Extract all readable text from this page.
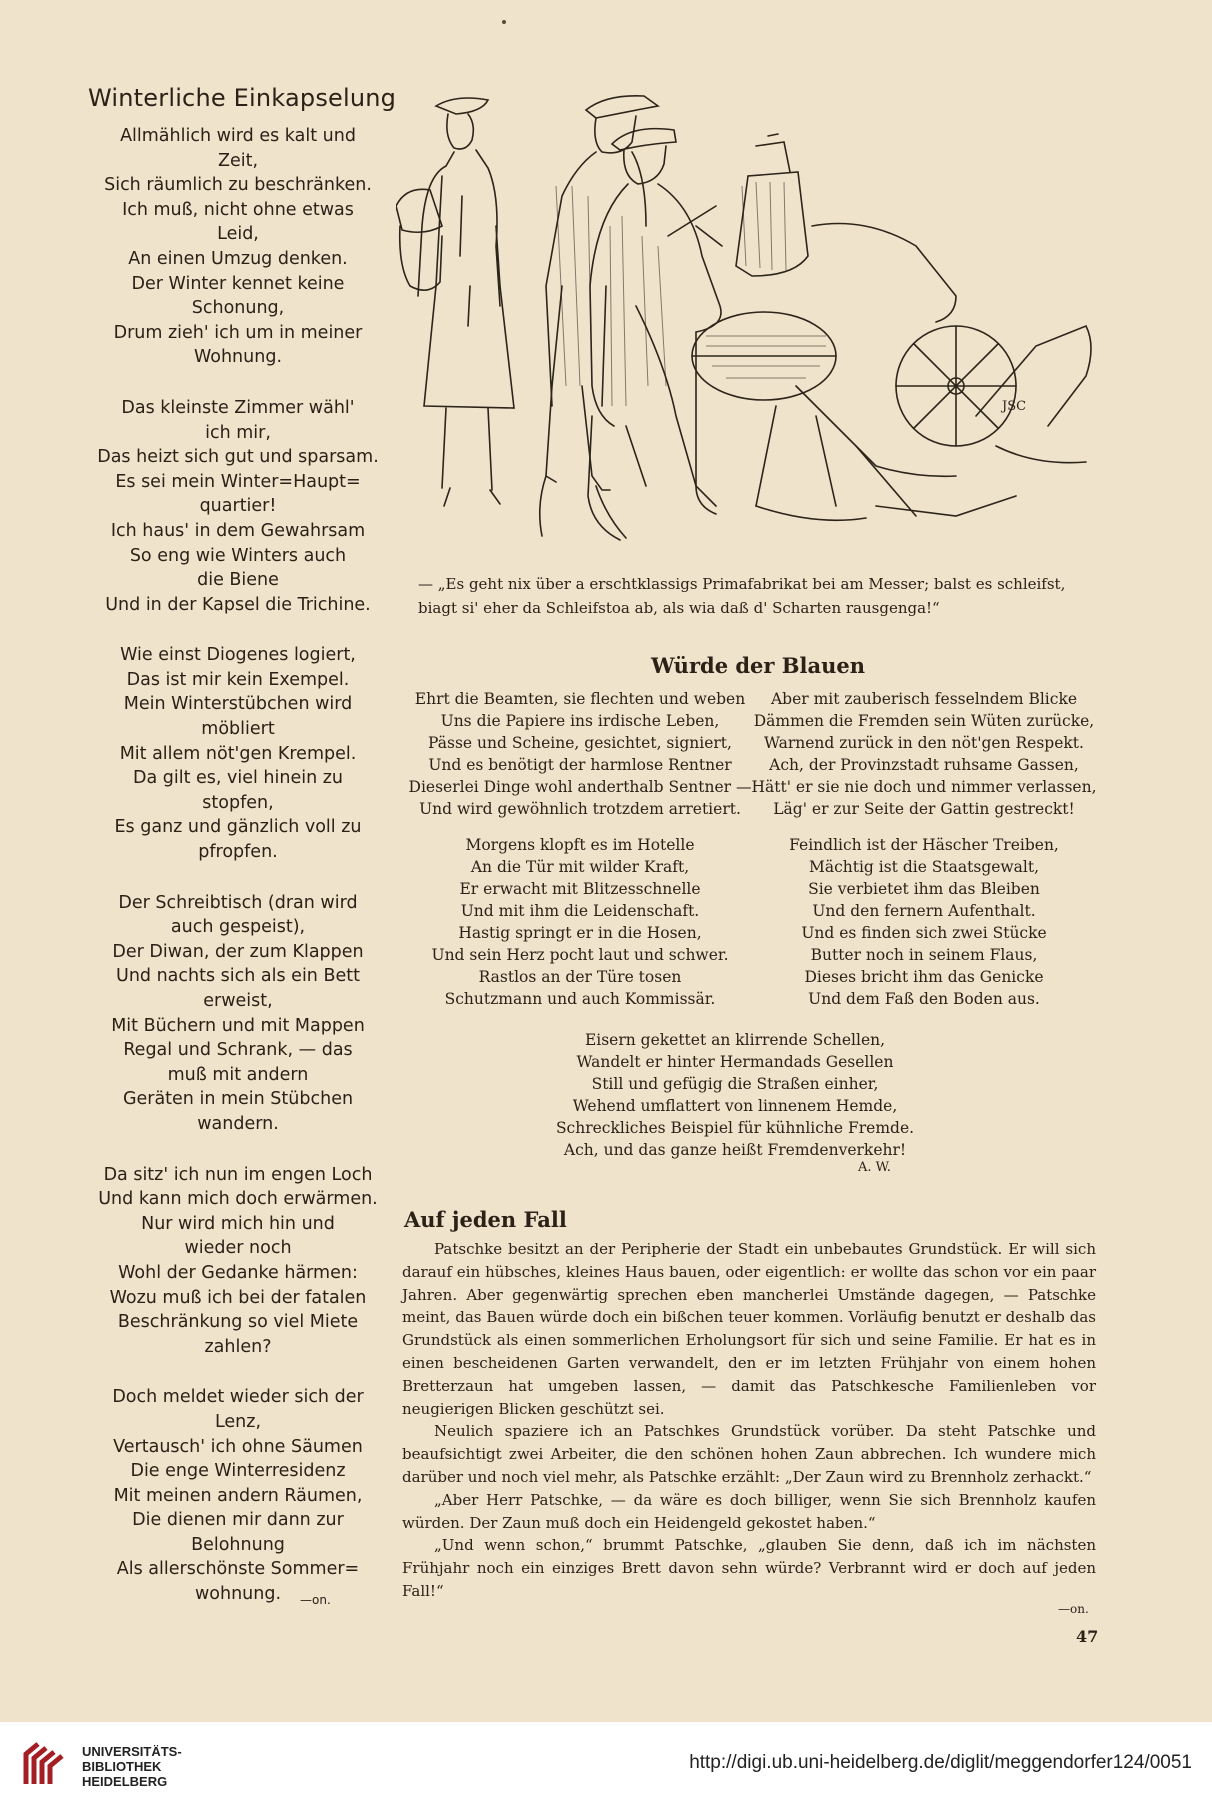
Winterliche Einkapselung
Allmählich wird es kalt und
Zeit,
Sich räumlich zu beschränken.
Ich muß, nicht ohne etwas
Leid,
An einen Umzug denken.
Der Winter kennet keine
Schonung,
Drum zieh' ich um in meiner
Wohnung.
Das kleinste Zimmer wähl'
ich mir,
Das heizt sich gut und sparsam.
Es sei mein Winter=Haupt=
quartier!
Ich haus' in dem Gewahrsam
So eng wie Winters auch
die Biene
Und in der Kapsel die Trichine.
Wie einst Diogenes logiert,
Das ist mir kein Exempel.
Mein Winterstübchen wird
möbliert
Mit allem nöt'gen Krempel.
Da gilt es, viel hinein zu
stopfen,
Es ganz und gänzlich voll zu
pfropfen.
Der Schreibtisch (dran wird
auch gespeist),
Der Diwan, der zum Klappen
Und nachts sich als ein Bett
erweist,
Mit Büchern und mit Mappen
Regal und Schrank, — das
muß mit andern
Geräten in mein Stübchen
wandern.
Da sitz' ich nun im engen Loch
Und kann mich doch erwärmen.
Nur wird mich hin und
wieder noch
Wohl der Gedanke härmen:
Wozu muß ich bei der fatalen
Beschränkung so viel Miete
zahlen?
Doch meldet wieder sich der
Lenz,
Vertausch' ich ohne Säumen
Die enge Winterresidenz
Mit meinen andern Räumen,
Die dienen mir dann zur
Belohnung
Als allerschönste Sommer=
wohnung.	—on.
JSC
— „Es geht nix über a erschtklassigs Primafabrikat bei am Messer; balst es schleifst, biagt si' eher da Schleifstoa ab, als wia daß d' Scharten rausgenga!“
Würde der Blauen
Ehrt die Beamten, sie flechten und weben
Uns die Papiere ins irdische Leben,
Pässe und Scheine, gesichtet, signiert,
Und es benötigt der harmlose Rentner
Dieserlei Dinge wohl anderthalb Sentner —
Und wird gewöhnlich trotzdem arretiert.
Aber mit zauberisch fesselndem Blicke
Dämmen die Fremden sein Wüten zurücke,
Warnend zurück in den nöt'gen Respekt.
Ach, der Provinzstadt ruhsame Gassen,
Hätt' er sie nie doch und nimmer verlassen,
Läg' er zur Seite der Gattin gestreckt!
Morgens klopft es im Hotelle
An die Tür mit wilder Kraft,
Er erwacht mit Blitzesschnelle
Und mit ihm die Leidenschaft.
Hastig springt er in die Hosen,
Und sein Herz pocht laut und schwer.
Rastlos an der Türe tosen
Schutzmann und auch Kommissär.
Feindlich ist der Häscher Treiben,
Mächtig ist die Staatsgewalt,
Sie verbietet ihm das Bleiben
Und den fernern Aufenthalt.
Und es finden sich zwei Stücke
Butter noch in seinem Flaus,
Dieses bricht ihm das Genicke
Und dem Faß den Boden aus.
Eisern gekettet an klirrende Schellen,
Wandelt er hinter Hermandads Gesellen
Still und gefügig die Straßen einher,
Wehend umflattert von linnenem Hemde,
Schreckliches Beispiel für kühnliche Fremde.
Ach, und das ganze heißt Fremdenverkehr!
A. W.
Auf jeden Fall

Patschke besitzt an der Peripherie der Stadt ein unbebautes Grundstück. Er will sich darauf ein hübsches, kleines Haus bauen, oder eigentlich: er wollte das schon vor ein paar Jahren. Aber gegenwärtig sprechen eben mancherlei Umstände dagegen, — Patschke meint, das Bauen würde doch ein bißchen teuer kommen. Vorläufig benutzt er deshalb das Grundstück als einen sommerlichen Erholungsort für sich und seine Familie. Er hat es in einen bescheidenen Garten verwandelt, den er im letzten Frühjahr von einem hohen Bretterzaun hat umgeben lassen, — damit das Patschkesche Familienleben vor neugierigen Blicken geschützt sei.

Neulich spaziere ich an Patschkes Grundstück vorüber. Da steht Patschke und beaufsichtigt zwei Arbeiter, die den schönen hohen Zaun abbrechen. Ich wundere mich darüber und noch viel mehr, als Patschke erzählt: „Der Zaun wird zu Brennholz zerhackt.“

„Aber Herr Patschke, — da wäre es doch billiger, wenn Sie sich Brennholz kaufen würden. Der Zaun muß doch ein Heidengeld gekostet haben.“

„Und wenn schon,“ brummt Patschke, „glauben Sie denn, daß ich im nächsten Frühjahr noch ein einziges Brett davon sehn würde? Verbrannt wird er doch auf jeden Fall!“

—on.
47
UNIVERSITÄTS-
BIBLIOTHEK
HEIDELBERG
http://digi.ub.uni-heidelberg.de/diglit/meggendorfer124/0051
